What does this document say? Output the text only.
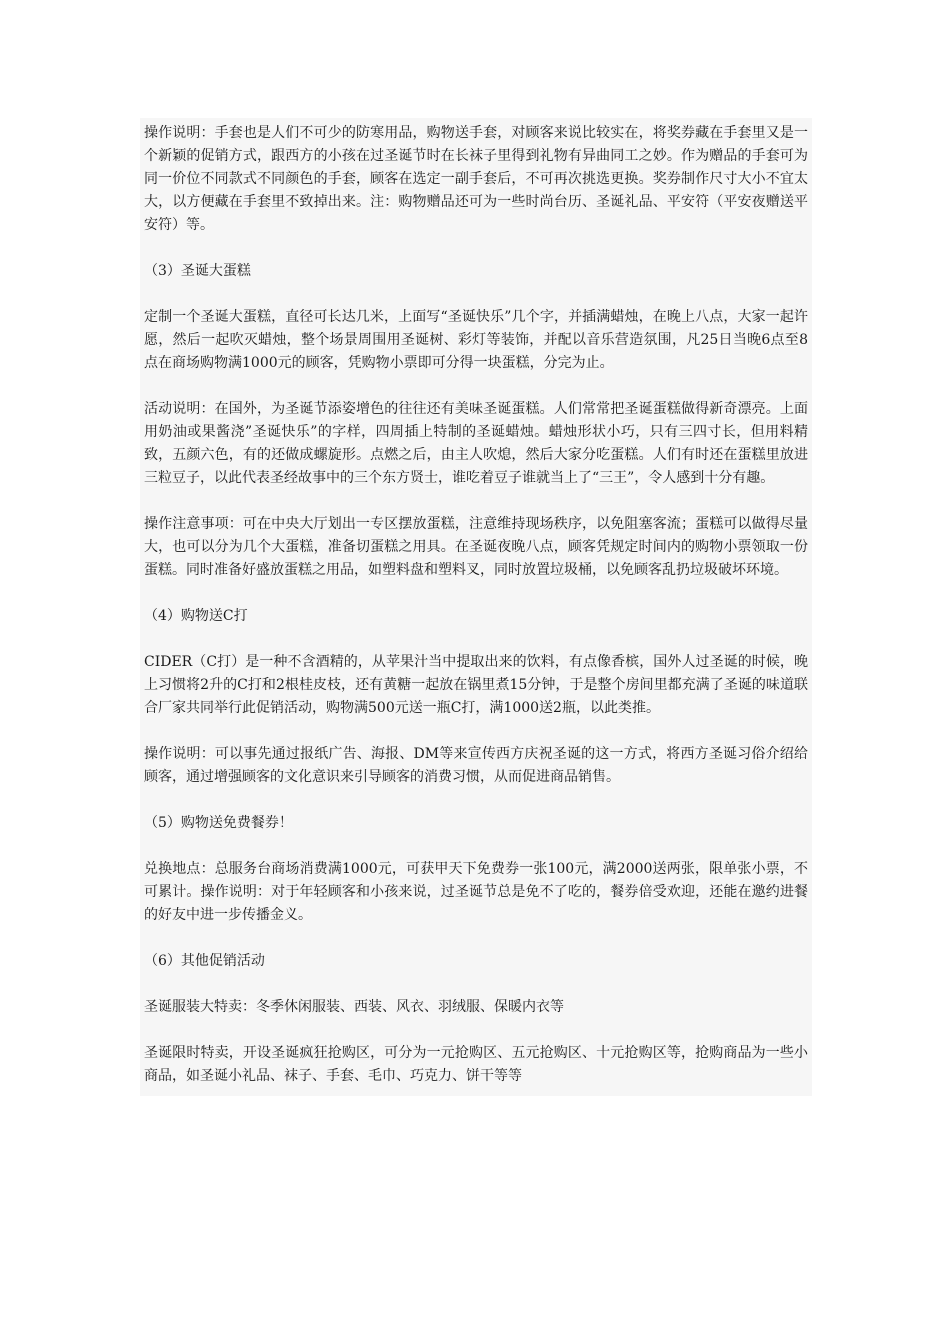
操作说明：手套也是人们不可少的防寒用品，购物送手套，对顾客来说比较实在，将奖券藏在手套里又是一个新颖的促销方式，跟西方的小孩在过圣诞节时在长袜子里得到礼物有异曲同工之妙。作为赠品的手套可为同一价位不同款式不同颜色的手套，顾客在选定一副手套后，不可再次挑选更换。奖券制作尺寸大小不宜太大，以方便藏在手套里不致掉出来。注：购物赠品还可为一些时尚台历、圣诞礼品、平安符（平安夜赠送平安符）等。

（3）圣诞大蛋糕

定制一个圣诞大蛋糕，直径可长达几米，上面写“圣诞快乐”几个字，并插满蜡烛，在晚上八点，大家一起许愿，然后一起吹灭蜡烛，整个场景周围用圣诞树、彩灯等装饰，并配以音乐营造氛围，凡25日当晚6点至8点在商场购物满1000元的顾客，凭购物小票即可分得一块蛋糕，分完为止。

活动说明：在国外，为圣诞节添姿增色的往往还有美味圣诞蛋糕。人们常常把圣诞蛋糕做得新奇漂亮。上面用奶油或果酱浇”圣诞快乐”的字样，四周插上特制的圣诞蜡烛。蜡烛形状小巧，只有三四寸长，但用料精致，五颜六色，有的还做成螺旋形。点燃之后，由主人吹熄，然后大家分吃蛋糕。人们有时还在蛋糕里放进三粒豆子，以此代表圣经故事中的三个东方贤士，谁吃着豆子谁就当上了“三王”，令人感到十分有趣。

操作注意事项：可在中央大厅划出一专区摆放蛋糕，注意维持现场秩序，以免阻塞客流；蛋糕可以做得尽量大，也可以分为几个大蛋糕，准备切蛋糕之用具。在圣诞夜晚八点，顾客凭规定时间内的购物小票领取一份蛋糕。同时准备好盛放蛋糕之用品，如塑料盘和塑料叉，同时放置垃圾桶，以免顾客乱扔垃圾破坏环境。

（4）购物送C打

CIDER（C打）是一种不含酒精的，从苹果汁当中提取出来的饮料，有点像香槟，国外人过圣诞的时候，晚上习惯将2升的C打和2根桂皮枝，还有黄糖一起放在锅里煮15分钟，于是整个房间里都充满了圣诞的味道联合厂家共同举行此促销活动，购物满500元送一瓶C打，满1000送2瓶，以此类推。

操作说明：可以事先通过报纸广告、海报、DM等来宣传西方庆祝圣诞的这一方式，将西方圣诞习俗介绍给顾客，通过增强顾客的文化意识来引导顾客的消费习惯，从而促进商品销售。

（5）购物送免费餐券！

兑换地点：总服务台商场消费满1000元，可获甲天下免费券一张100元，满2000送两张，限单张小票，不可累计。操作说明：对于年轻顾客和小孩来说，过圣诞节总是免不了吃的，餐券倍受欢迎，还能在邀约进餐的好友中进一步传播金义。

（6）其他促销活动

圣诞服装大特卖：冬季休闲服装、西装、风衣、羽绒服、保暖内衣等

圣诞限时特卖，开设圣诞疯狂抢购区，可分为一元抢购区、五元抢购区、十元抢购区等，抢购商品为一些小商品，如圣诞小礼品、袜子、手套、毛巾、巧克力、饼干等等
